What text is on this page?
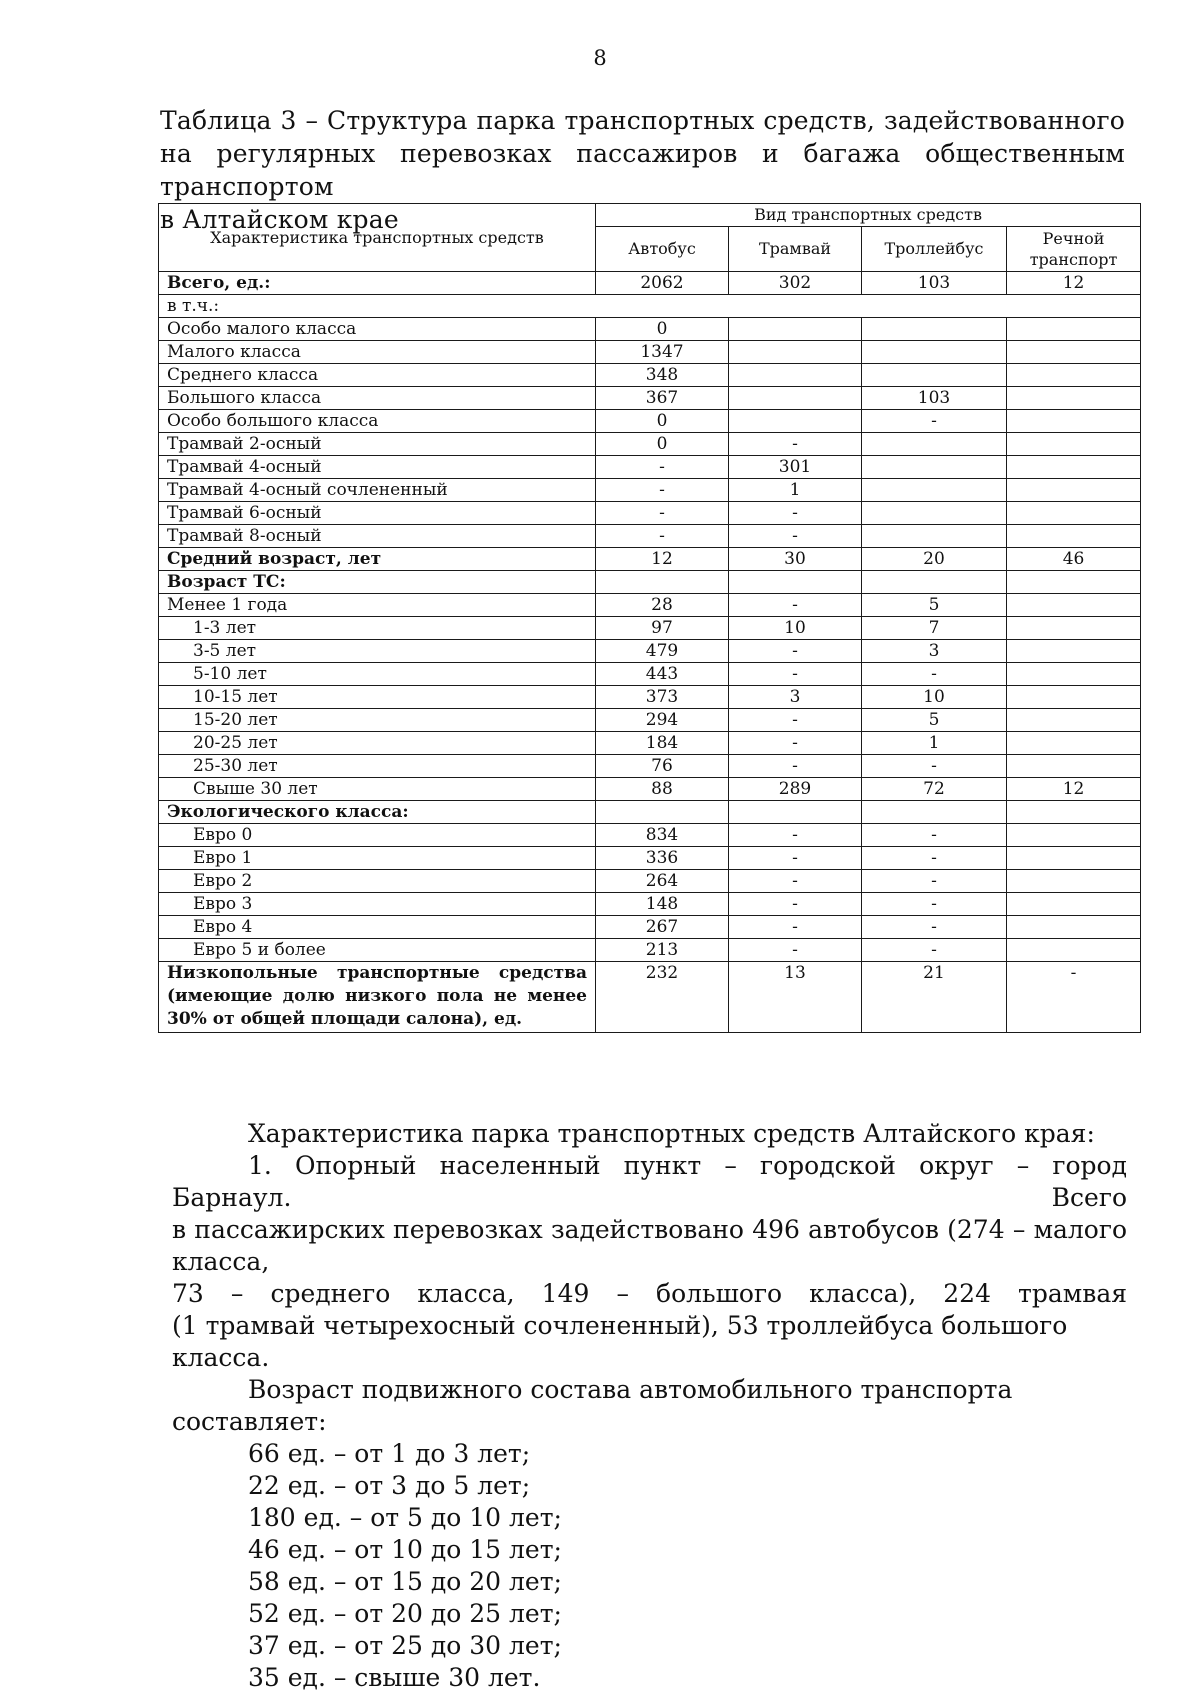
8
Таблица 3 – Структура парка транспортных средств, задействованного
на регулярных перевозках пассажиров и багажа общественным транспортом
в Алтайском крае
Характеристика транспортных средств	Вид транспортных средств			
	Автобус	Трамвай	Троллейбус	Речной транспорт
Всего, ед.:	2062	302	103	12
в т.ч.:				
Особо малого класса	0			
Малого класса	1347			
Среднего класса	348			
Большого класса	367		103	
Особо большого класса	0		-	
Трамвай 2-осный	0	-		
Трамвай 4-осный	-	301		
Трамвай 4-осный сочлененный	-	1		
Трамвай 6-осный	-	-		
Трамвай 8-осный	-	-		
Средний возраст, лет	12	30	20	46
Возраст ТС:				
Менее 1 года	28	-	5	
1-3 лет	97	10	7	
3-5 лет	479	-	3	
5-10 лет	443	-	-	
10-15 лет	373	3	10	
15-20 лет	294	-	5	
20-25 лет	184	-	1	
25-30 лет	76	-	-	
Свыше 30 лет	88	289	72	12
Экологического класса:				
Евро 0	834	-	-	
Евро 1	336	-	-	
Евро 2	264	-	-	
Евро 3	148	-	-	
Евро 4	267	-	-	
Евро 5 и более	213	-	-	
Низкопольные транспортные средства (имеющие долю низкого пола не менее 30% от общей площади салона), ед.	232	13	21	-

Характеристика парка транспортных средств Алтайского края:

1. Опорный населенный пункт – городской округ – город Барнаул. Всего

в пассажирских перевозках задействовано 496 автобусов (274 – малого класса,

73 – среднего класса, 149 – большого класса), 224 трамвая

(1 трамвай четырехосный сочлененный), 53 троллейбуса большого класса.

Возраст подвижного состава автомобильного транспорта составляет:

66 ед. – от 1 до 3 лет;

22 ед. – от 3 до 5 лет;

180 ед. – от 5 до 10 лет;

46 ед. – от 10 до 15 лет;

58 ед. – от 15 до 20 лет;

52 ед. – от 20 до 25 лет;

37 ед. – от 25 до 30 лет;

35 ед. – свыше 30 лет.
